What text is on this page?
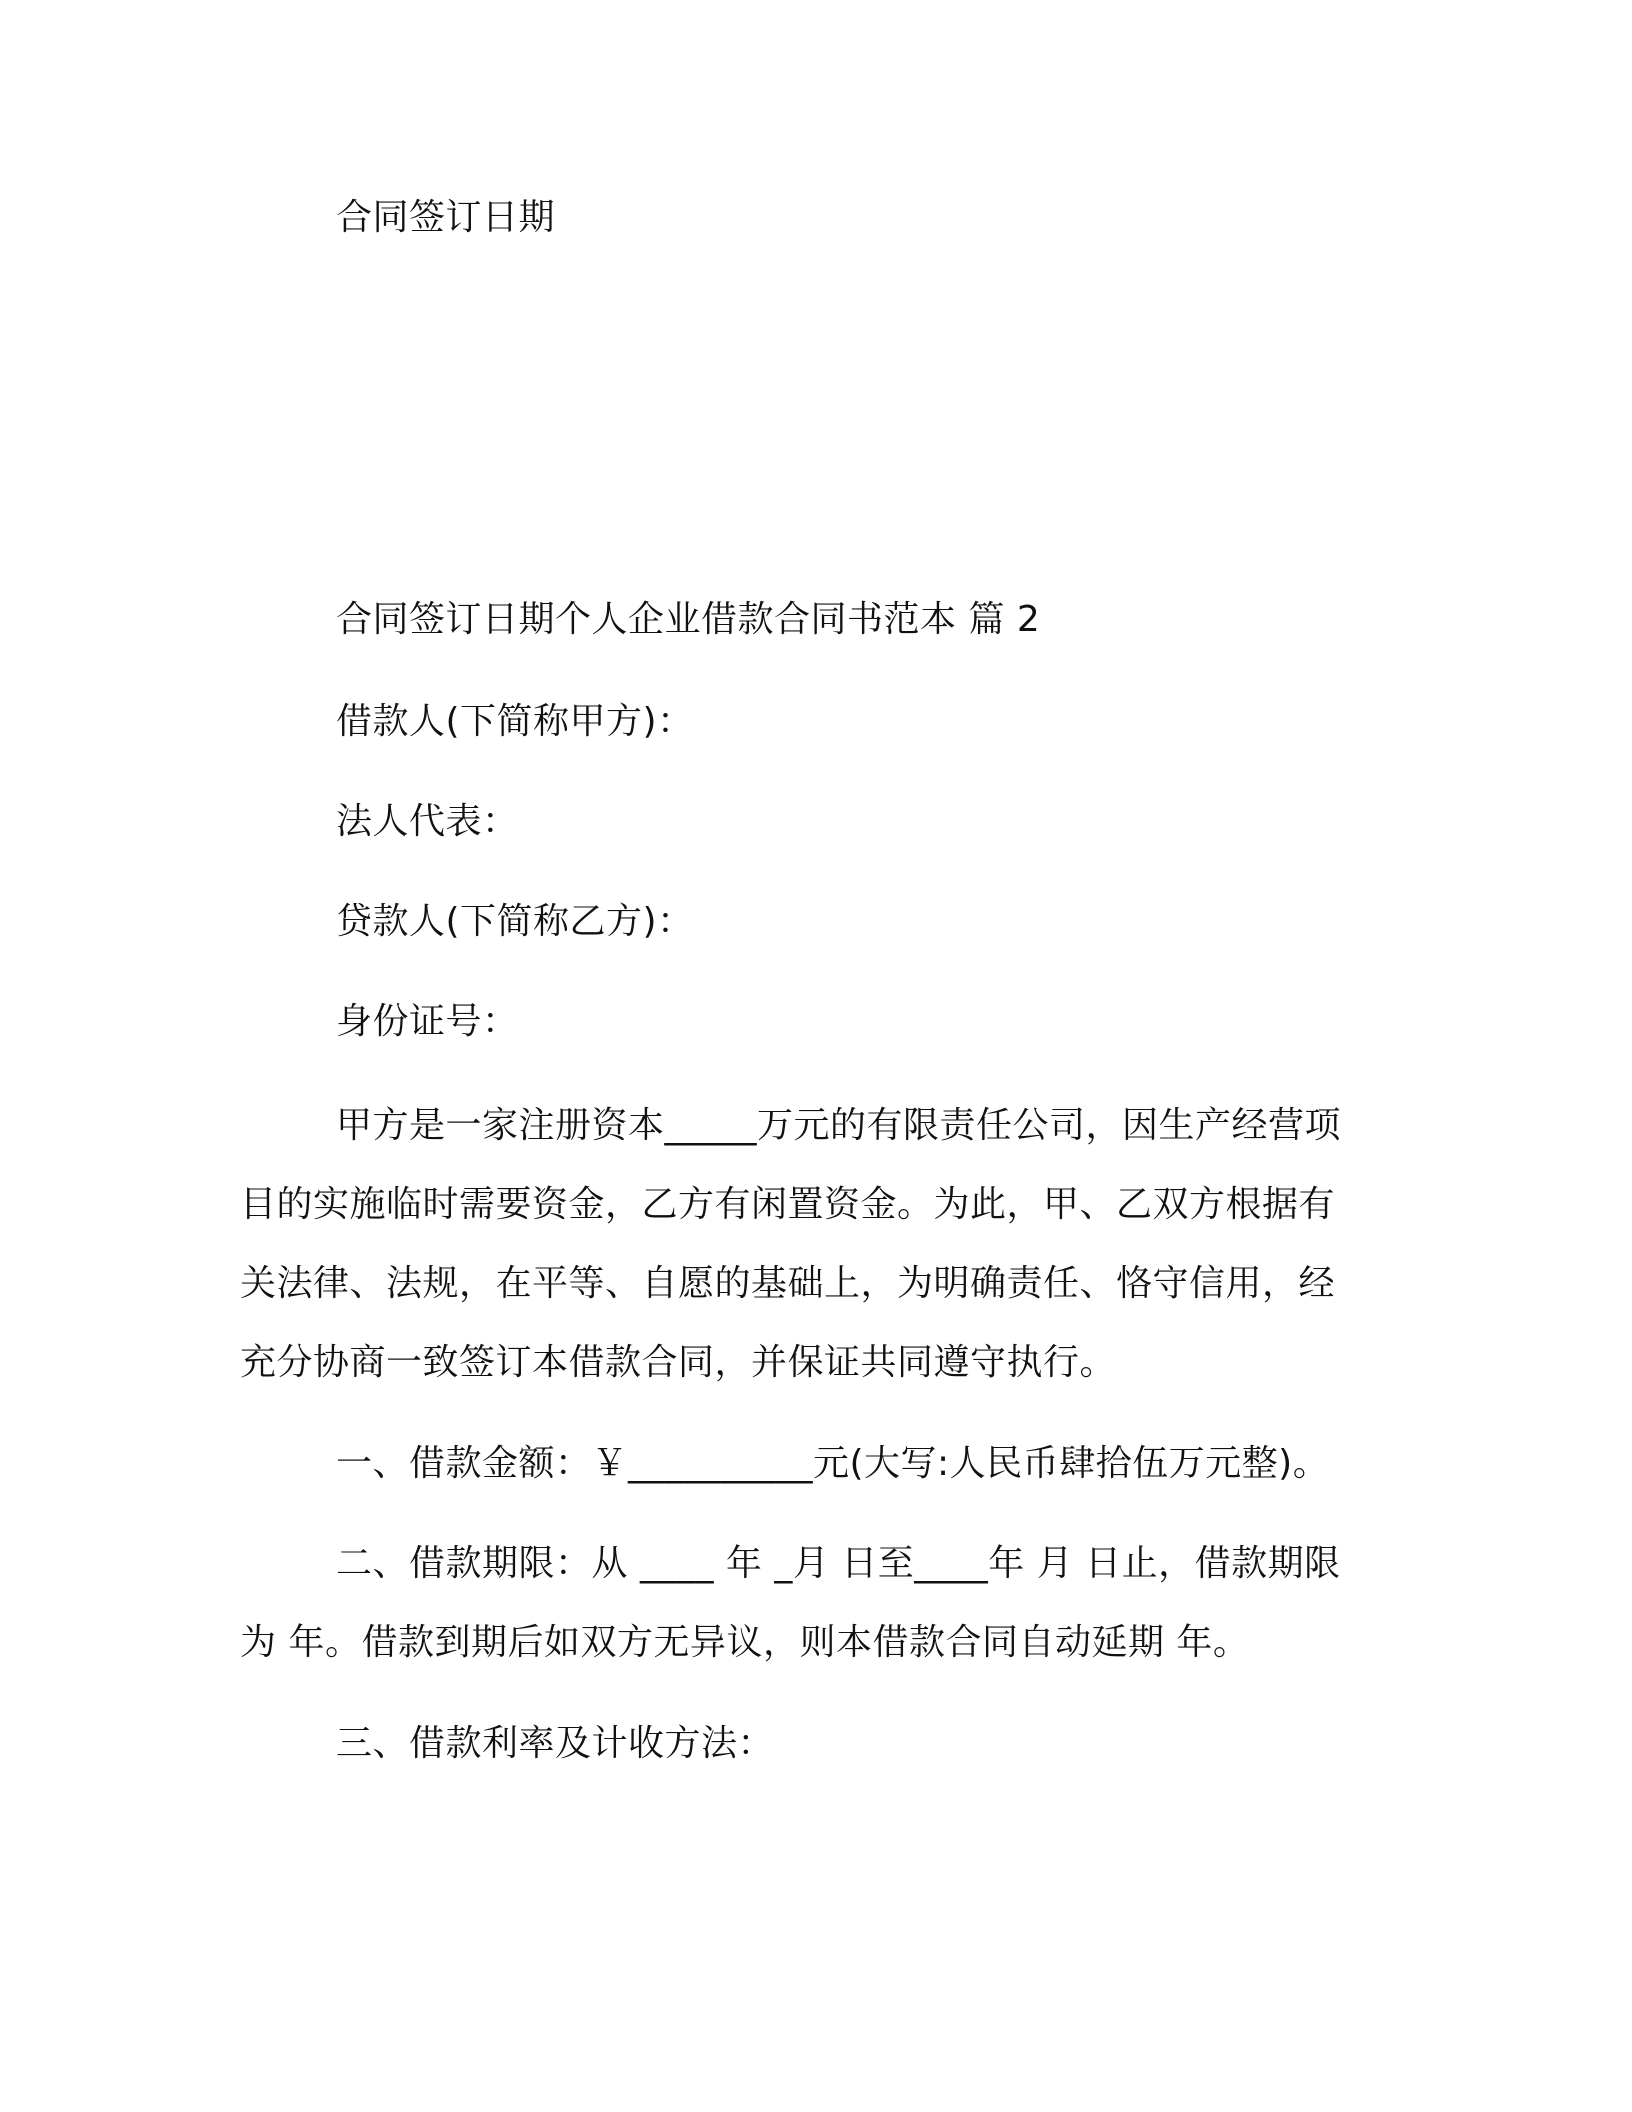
合同签订日期

合同签订日期个人企业借款合同书范本 篇 2

借款人(下简称甲方)：

法人代表：

贷款人(下简称乙方)：

身份证号：

甲方是一家注册资本_____万元的有限责任公司，因生产经营项目的实施临时需要资金，乙方有闲置资金。为此，甲、乙双方根据有关法律、法规，在平等、自愿的基础上，为明确责任、恪守信用，经充分协商一致签订本借款合同，并保证共同遵守执行。

一、借款金额：￥__________元(大写:人民币肆拾伍万元整)。

二、借款期限：从 ____ 年 _月 日至____年 月 日止，借款期限为 年。借款到期后如双方无异议，则本借款合同自动延期 年。

三、借款利率及计收方法：
